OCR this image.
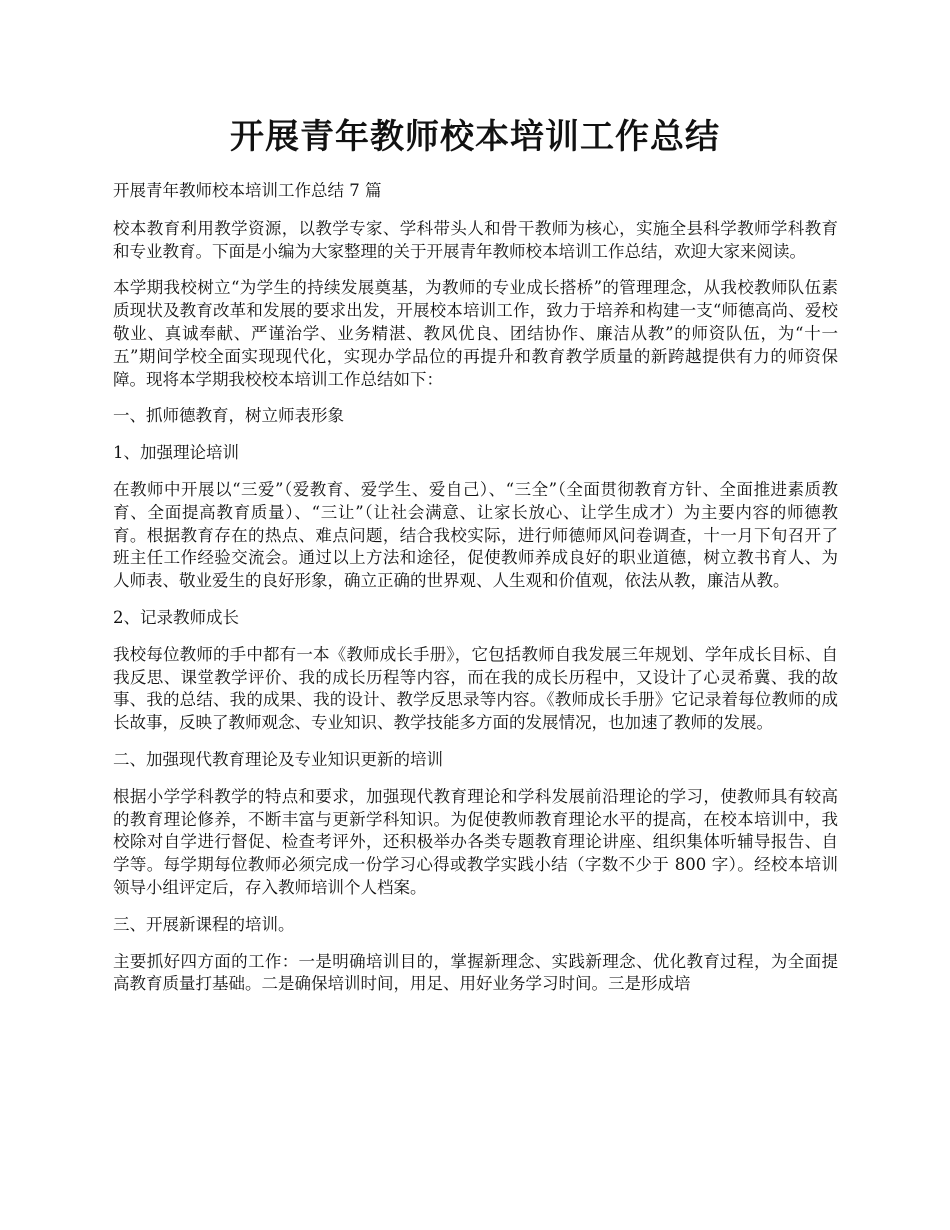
开展青年教师校本培训工作总结

开展青年教师校本培训工作总结 7 篇

校本教育利用教学资源，以教学专家、学科带头人和骨干教师为核心，实施全县科学教师学科教育和专业教育。下面是小编为大家整理的关于开展青年教师校本培训工作总结，欢迎大家来阅读。

本学期我校树立“为学生的持续发展奠基，为教师的专业成长搭桥”的管理理念，从我校教师队伍素质现状及教育改革和发展的要求出发，开展校本培训工作，致力于培养和构建一支“师德高尚、爱校敬业、真诚奉献、严谨治学、业务精湛、教风优良、团结协作、廉洁从教”的师资队伍，为“十一五”期间学校全面实现现代化，实现办学品位的再提升和教育教学质量的新跨越提供有力的师资保障。现将本学期我校校本培训工作总结如下：

一、抓师德教育，树立师表形象

1、加强理论培训

在教师中开展以“三爱”（爱教育、爱学生、爱自己）、“三全”（全面贯彻教育方针、全面推进素质教育、全面提高教育质量）、“三让”（让社会满意、让家长放心、让学生成才）为主要内容的师德教育。根据教育存在的热点、难点问题，结合我校实际，进行师德师风问卷调查，十一月下旬召开了班主任工作经验交流会。通过以上方法和途径，促使教师养成良好的职业道德，树立教书育人、为人师表、敬业爱生的良好形象，确立正确的世界观、人生观和价值观，依法从教，廉洁从教。

2、记录教师成长

我校每位教师的手中都有一本《教师成长手册》，它包括教师自我发展三年规划、学年成长目标、自我反思、课堂教学评价、我的成长历程等内容，而在我的成长历程中，又设计了心灵希冀、我的故事、我的总结、我的成果、我的设计、教学反思录等内容。《教师成长手册》它记录着每位教师的成长故事，反映了教师观念、专业知识、教学技能多方面的发展情况，也加速了教师的发展。

二、加强现代教育理论及专业知识更新的培训

根据小学学科教学的特点和要求，加强现代教育理论和学科发展前沿理论的学习，使教师具有较高的教育理论修养，不断丰富与更新学科知识。为促使教师教育理论水平的提高，在校本培训中，我校除对自学进行督促、检查考评外，还积极举办各类专题教育理论讲座、组织集体听辅导报告、自学等。每学期每位教师必须完成一份学习心得或教学实践小结（字数不少于 800 字）。经校本培训领导小组评定后，存入教师培训个人档案。

三、开展新课程的培训。

主要抓好四方面的工作：一是明确培训目的，掌握新理念、实践新理念、优化教育过程，为全面提高教育质量打基础。二是确保培训时间，用足、用好业务学习时间。三是形成培
